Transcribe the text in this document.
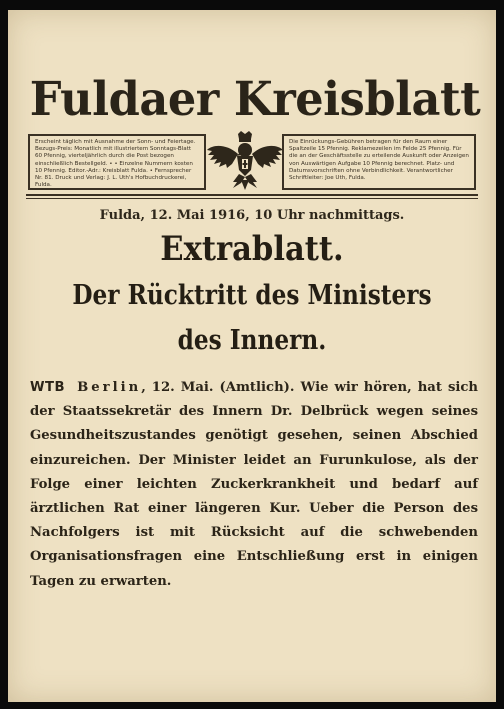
Fuldaer Kreisblatt
Erscheint täglich mit Ausnahme der Sonn- und Feiertage. Bezugs-Preis: Monatlich mit illustriertem Sonntags-Blatt 60 Pfennig, vierteljährlich durch die Post bezogen einschließlich Bestellgeld. • • Einzelne Nummern kosten 10 Pfennig. Editor.-Adr.: Kreisblatt Fulda. • Fernsprecher Nr. 81. Druck und Verlag: J. L. Uth's Hofbuchdruckerei, Fulda.
Die Einrückungs-Gebühren betragen für den Raum einer Spaltzeile 15 Pfennig. Reklamezeilen im Felde 25 Pfennig. Für die an der Geschäftsstelle zu erteilende Auskunft oder Anzeigen von Auswärtigen Aufgabe 10 Pfennig berechnet. Platz- und Datumsvorschriften ohne Verbindlichkeit. Verantwortlicher Schriftleiter: Joe Uth, Fulda.
Fulda, 12. Mai 1916, 10 Uhr nachmittags.
Extrablatt.
Der Rücktritt des Ministers
des Innern.
WTB Berlin, 12. Mai. (Amtlich). Wie wir hören, hat sich der Staatssekretär des Innern Dr. Delbrück wegen seines Gesundheitszustandes genötigt gesehen, seinen Abschied einzureichen. Der Minister leidet an Furunkulose, als der Folge einer leichten Zuckerkrankheit und bedarf auf ärztlichen Rat einer längeren Kur. Ueber die Person des Nachfolgers ist mit Rücksicht auf die schwebenden Organisationsfragen eine Entschließung erst in einigen Tagen zu erwarten.
